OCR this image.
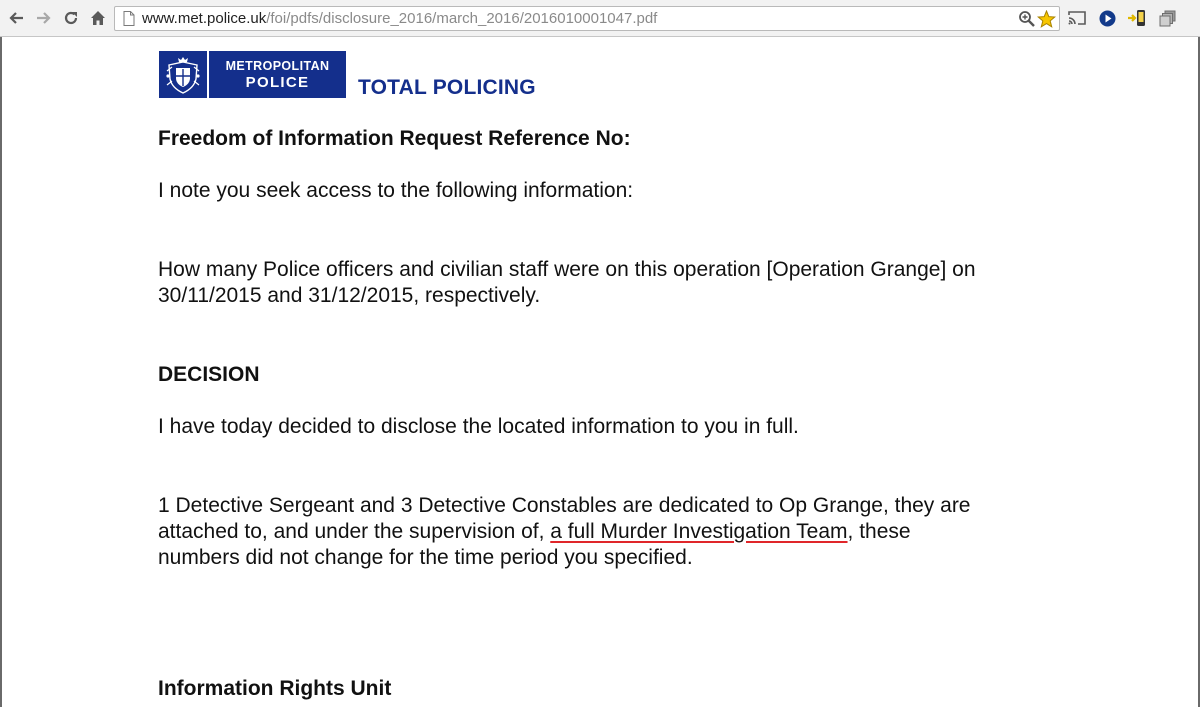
www.met.police.uk/foi/pdfs/disclosure_2016/march_2016/2016010001047.pdf
METROPOLITAN
POLICE TOTAL POLICING
Freedom of Information Request Reference No:
I note you seek access to the following information:
How many Police officers and civilian staff were on this operation [Operation Grange] on
30/11/2015 and 31/12/2015, respectively.
DECISION
I have today decided to disclose the located information to you in full.
1 Detective Sergeant and 3 Detective Constables are dedicated to Op Grange, they are
attached to, and under the supervision of, a full Murder Investigation Team, these
numbers did not change for the time period you specified.
Information Rights Unit
